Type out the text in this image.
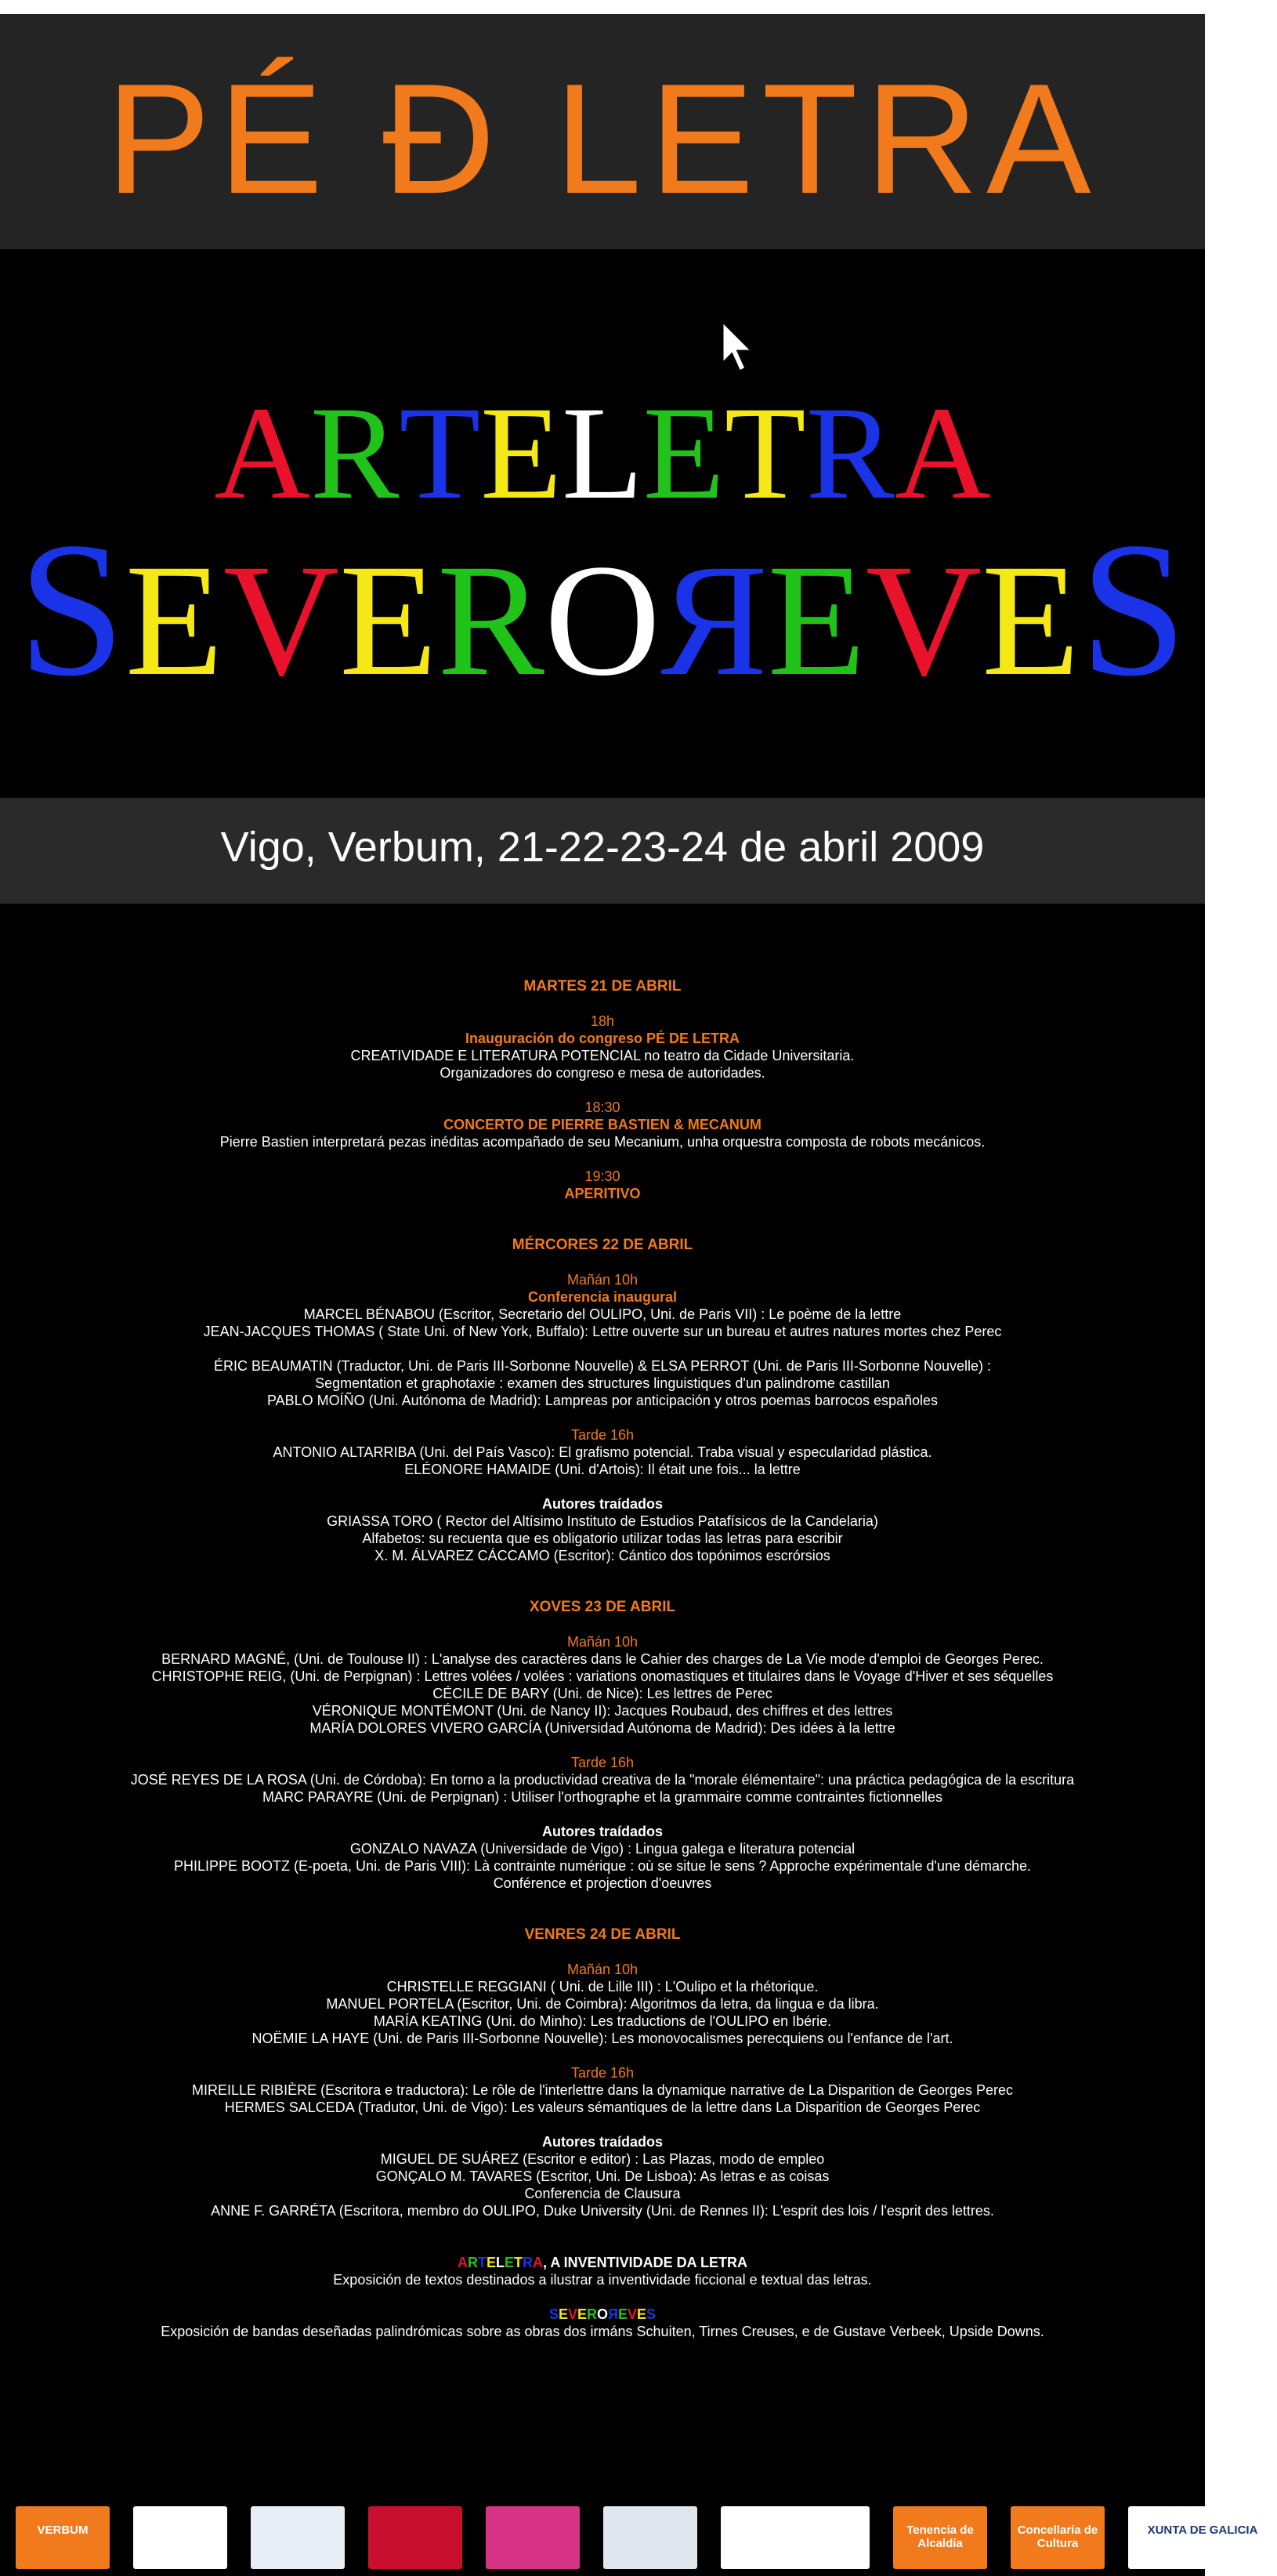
PÉ Ð LETRA
ARTELETRA
SEVEROЯEVES
Vigo, Verbum, 21-22-23-24 de abril 2009

MARTES 21 DE ABRIL

18h

Inauguración do congreso PÉ DE LETRA

CREATIVIDADE E LITERATURA POTENCIAL no teatro da Cidade Universitaria.

Organizadores do congreso e mesa de autoridades.

18:30

CONCERTO DE PIERRE BASTIEN & MECANUM

Pierre Bastien interpretará pezas inéditas acompañado de seu Mecanium, unha orquestra composta de robots mecánicos.

19:30

APERITIVO

MÉRCORES 22 DE ABRIL

Mañán 10h

Conferencia inaugural

MARCEL BÉNABOU (Escritor, Secretario del OULIPO, Uni. de Paris VII) : Le poème de la lettre

JEAN-JACQUES THOMAS ( State Uni. of New York, Buffalo): Lettre ouverte sur un bureau et autres natures mortes chez Perec

ÉRIC BEAUMATIN (Traductor, Uni. de Paris III-Sorbonne Nouvelle) & ELSA PERROT (Uni. de Paris III-Sorbonne Nouvelle) :

Segmentation et graphotaxie : examen des structures linguistiques d'un palindrome castillan

PABLO MOÍÑO (Uni. Autónoma de Madrid): Lampreas por anticipación y otros poemas barrocos españoles

Tarde 16h

ANTONIO ALTARRIBA (Uni. del País Vasco): El grafismo potencial. Traba visual y especularidad plástica.

ELÉONORE HAMAIDE (Uni. d'Artois): Il était une fois... la lettre

Autores traídados

GRIASSA TORO ( Rector del Altísimo Instituto de Estudios Patafísicos de la Candelaria)

Alfabetos: su recuenta que es obligatorio utilizar todas las letras para escribir

X. M. ÁLVAREZ CÁCCAMO (Escritor): Cántico dos topónimos escrórsios

XOVES 23 DE ABRIL

Mañán 10h

BERNARD MAGNÉ, (Uni. de Toulouse II) : L'analyse des caractères dans le Cahier des charges de La Vie mode d'emploi de Georges Perec.

CHRISTOPHE REIG, (Uni. de Perpignan) : Lettres volées / volées : variations onomastiques et titulaires dans le Voyage d'Hiver et ses séquelles

CÉCILE DE BARY (Uni. de Nice): Les lettres de Perec

VÉRONIQUE MONTÉMONT (Uni. de Nancy II): Jacques Roubaud, des chiffres et des lettres

MARÍA DOLORES VIVERO GARCÍA (Universidad Autónoma de Madrid): Des idées à la lettre

Tarde 16h

JOSÉ REYES DE LA ROSA (Uni. de Córdoba): En torno a la productividad creativa de la "morale élémentaire": una práctica pedagógica de la escritura

MARC PARAYRE (Uni. de Perpignan) : Utiliser l'orthographe et la grammaire comme contraintes fictionnelles

Autores traídados

GONZALO NAVAZA (Universidade de Vigo) : Lingua galega e literatura potencial

PHILIPPE BOOTZ (E-poeta, Uni. de Paris VIII): Là contrainte numérique : où se situe le sens ? Approche expérimentale d'une démarche.

Conférence et projection d'oeuvres

VENRES 24 DE ABRIL

Mañán 10h

CHRISTELLE REGGIANI ( Uni. de Lille III) : L'Oulipo et la rhétorique.

MANUEL PORTELA (Escritor, Uni. de Coimbra): Algoritmos da letra, da lingua e da libra.

MARÍA KEATING (Uni. do Minho): Les traductions de l'OULIPO en Ibérie.

NOËMIE LA HAYE (Uni. de Paris III-Sorbonne Nouvelle): Les monovocalismes perecquiens ou l'enfance de l'art.

Tarde 16h

MIREILLE RIBIÈRE (Escritora e traductora): Le rôle de l'interlettre dans la dynamique narrative de La Disparition de Georges Perec

HERMES SALCEDA (Tradutor, Uni. de Vigo): Les valeurs sémantiques de la lettre dans La Disparition de Georges Perec

Autores traídados

MIGUEL DE SUÁREZ (Escritor e editor) : Las Plazas, modo de empleo

GONÇALO M. TAVARES (Escritor, Uni. De Lisboa): As letras e as coisas

Conferencia de Clausura

ANNE F. GARRÉTA (Escritora, membro do OULIPO, Duke University (Uni. de Rennes II): L'esprit des lois / l'esprit des lettres.

ARTELETRA, A INVENTIVIDADE DA LETRA

Exposición de textos destinados a ilustrar a inventividade ficcional e textual das letras.

SEVEROЯEVES

Exposición de bandas deseñadas palindrómicas sobre as obras dos irmáns Schuiten, Tirnes Creuses, e de Gustave Verbeek, Upside Downs.

VERBUM	Tenencia de Alcaldía
Concellaría de Cultura
XUNTA DE GALICIA
